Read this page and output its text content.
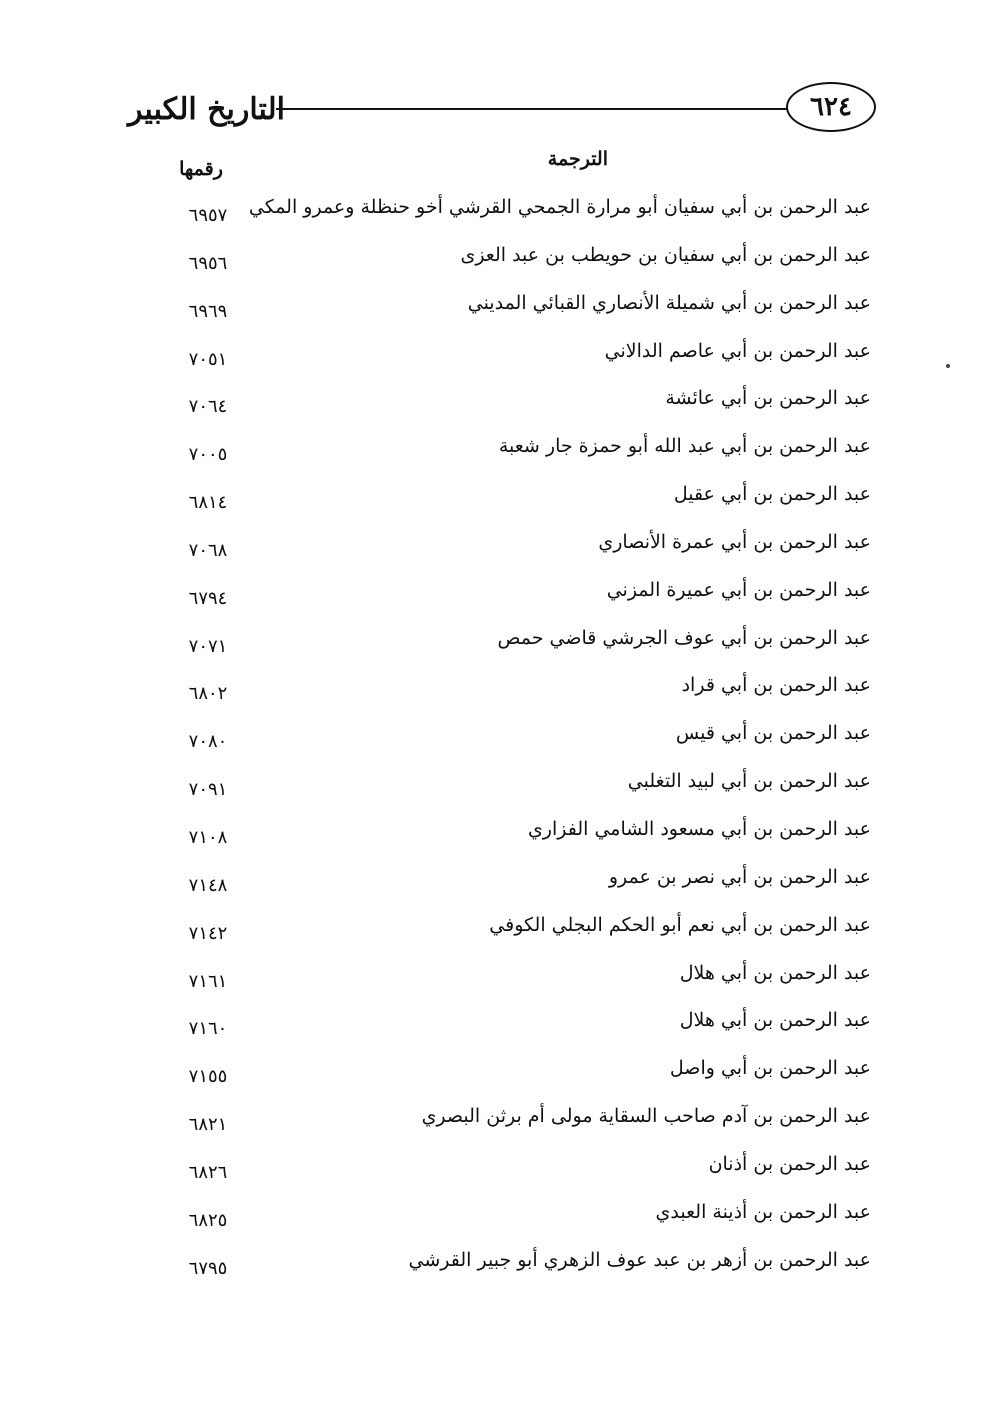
التاريخ الكبير	٦٢٤
الترجمة
رقمها
عبد الرحمن بن أبي سفيان أبو مرارة الجمحي القرشي أخو حنظلة وعمرو المكي
٦٩٥٧
عبد الرحمن بن أبي سفيان بن حويطب بن عبد العزى
٦٩٥٦
عبد الرحمن بن أبي شميلة الأنصاري القبائي المديني
٦٩٦٩
عبد الرحمن بن أبي عاصم الدالاني
٧٠٥١
عبد الرحمن بن أبي عائشة
٧٠٦٤
عبد الرحمن بن أبي عبد الله أبو حمزة جار شعبة
٧٠٠٥
عبد الرحمن بن أبي عقيل
٦٨١٤
عبد الرحمن بن أبي عمرة الأنصاري
٧٠٦٨
عبد الرحمن بن أبي عميرة المزني
٦٧٩٤
عبد الرحمن بن أبي عوف الجرشي قاضي حمص
٧٠٧١
عبد الرحمن بن أبي قراد
٦٨٠٢
عبد الرحمن بن أبي قيس
٧٠٨٠
عبد الرحمن بن أبي لبيد التغلبي
٧٠٩١
عبد الرحمن بن أبي مسعود الشامي الفزاري
٧١٠٨
عبد الرحمن بن أبي نصر بن عمرو
٧١٤٨
عبد الرحمن بن أبي نعم أبو الحكم البجلي الكوفي
٧١٤٢
عبد الرحمن بن أبي هلال
٧١٦١
عبد الرحمن بن أبي هلال
٧١٦٠
عبد الرحمن بن أبي واصل
٧١٥٥
عبد الرحمن بن آدم صاحب السقاية مولى أم برثن البصري
٦٨٢١
عبد الرحمن بن أذنان
٦٨٢٦
عبد الرحمن بن أذينة العبدي
٦٨٢٥
عبد الرحمن بن أزهر بن عبد عوف الزهري أبو جبير القرشي
٦٧٩٥
